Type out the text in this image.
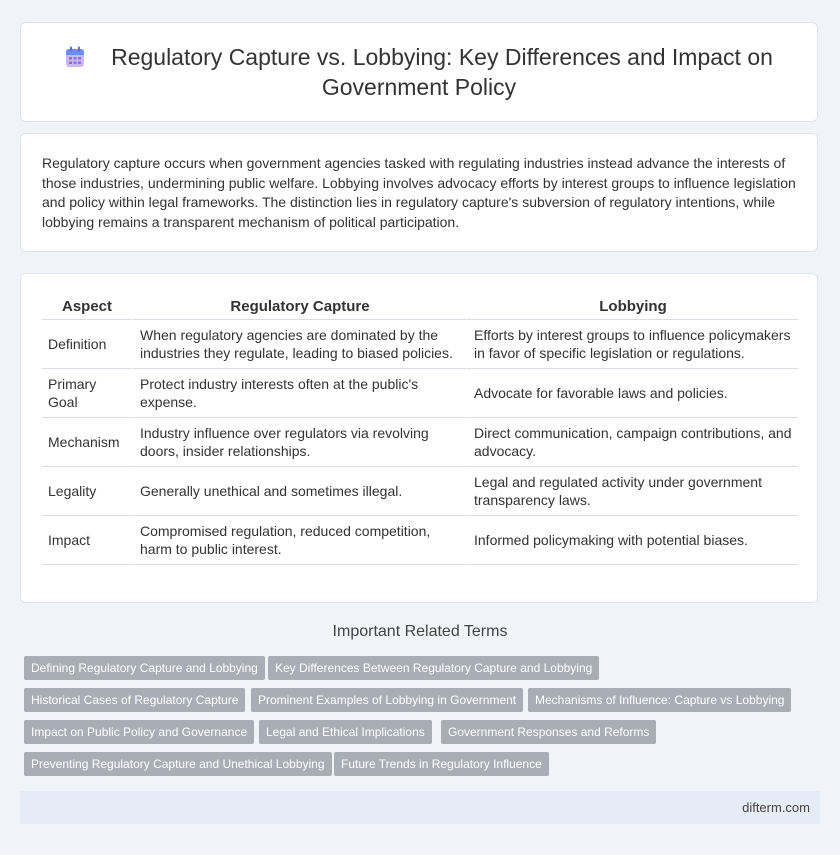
Regulatory Capture vs. Lobbying: Key Differences and Impact on Government Policy

Regulatory capture occurs when government agencies tasked with regulating industries instead advance the interests of those industries, undermining public welfare. Lobbying involves advocacy efforts by interest groups to influence legislation and policy within legal frameworks. The distinction lies in regulatory capture's subversion of regulatory intentions, while lobbying remains a transparent mechanism of political participation.

Aspect	Regulatory Capture	Lobbying
Definition	When regulatory agencies are dominated by the industries they regulate, leading to biased policies.	Efforts by interest groups to influence policymakers in favor of specific legislation or regulations.
Primary Goal	Protect industry interests often at the public's expense.	Advocate for favorable laws and policies.
Mechanism	Industry influence over regulators via revolving doors, insider relationships.	Direct communication, campaign contributions, and advocacy.
Legality	Generally unethical and sometimes illegal.	Legal and regulated activity under government transparency laws.
Impact	Compromised regulation, reduced competition, harm to public interest.	Informed policymaking with potential biases.
Important Related Terms
Defining Regulatory Capture and Lobbying	Key Differences Between Regulatory Capture and Lobbying
Historical Cases of Regulatory Capture	Prominent Examples of Lobbying in Government	Mechanisms of Influence: Capture vs Lobbying
Impact on Public Policy and Governance	Legal and Ethical Implications	Government Responses and Reforms
Preventing Regulatory Capture and Unethical Lobbying	Future Trends in Regulatory Influence
difterm.com
